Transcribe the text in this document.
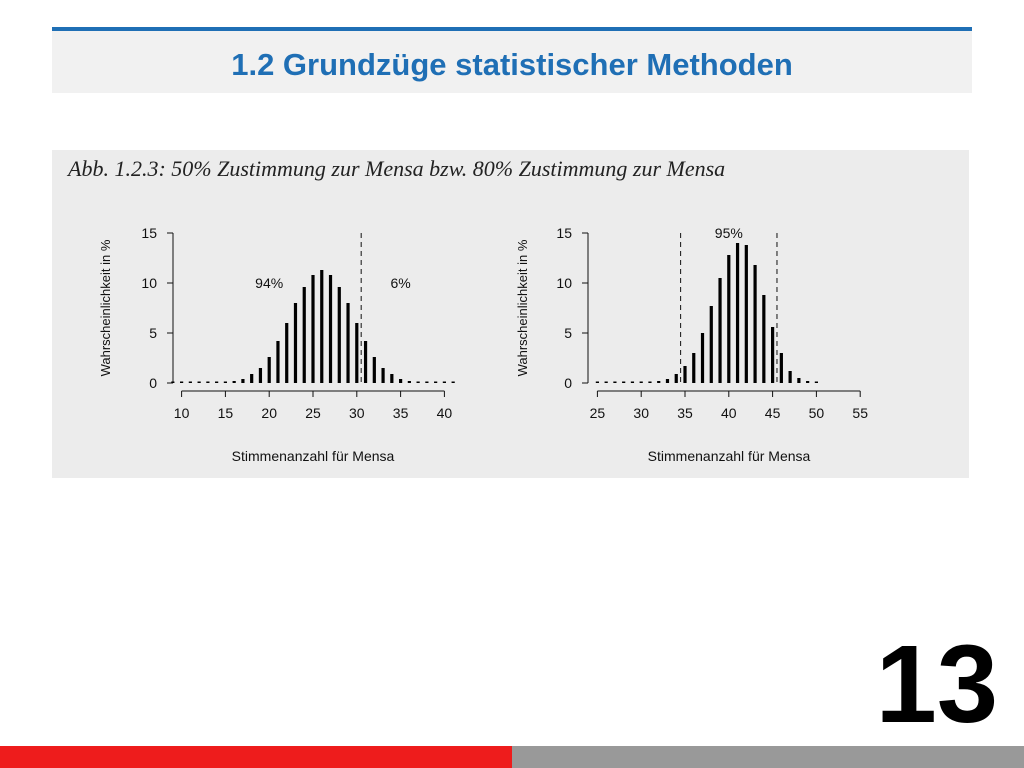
1.2 Grundzüge statistischer Methoden
Abb. 1.2.3: 50% Zustimmung zur Mensa bzw. 80% Zustimmung zur Mensa
0
5
10
15
10 15 20 25 30 35 40
Stimmenanzahl für Mensa
Wahrscheinlichkeit in %	94%	6%
0
5
10
15
25 30 35 40 45 50 55
Stimmenanzahl für Mensa
Wahrscheinlichkeit in %
95%
13
